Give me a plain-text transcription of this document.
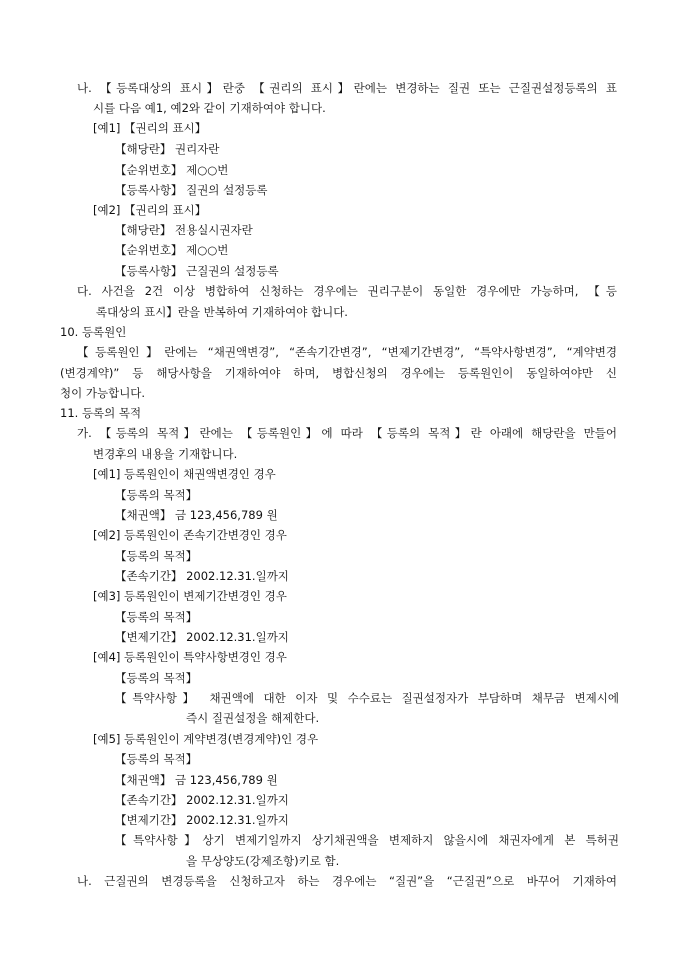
나. 【등록대상의 표시】란중 【권리의 표시】란에는 변경하는 질권 또는 근질권설정등록의 표
시를 다음 예1, 예2와 같이 기재하여야 합니다.
[예1] 【권리의 표시】
【해당란】 권리자란
【순위번호】 제○○번
【등록사항】 질권의 설정등록
[예2] 【권리의 표시】
【해당란】 전용실시권자란
【순위번호】 제○○번
【등록사항】 근질권의 설정등록
다. 사건을 2건 이상 병합하여 신청하는 경우에는 권리구분이 동일한 경우에만 가능하며, 【등
록대상의 표시】란을 반복하여 기재하여야 합니다.
10. 등록원인
【등록원인】란에는 “채권액변경”, “존속기간변경”, “변제기간변경”, “특약사항변경”, “계약변경
(변경계약)” 등 해당사항을 기재하여야 하며, 병합신청의 경우에는 등록원인이 동일하여야만 신
청이 가능합니다.
11. 등록의 목적
가. 【등록의 목적】란에는 【등록원인】에 따라 【등록의 목적】란 아래에 해당란을 만들어
변경후의 내용을 기재합니다.
[예1] 등록원인이 채권액변경인 경우
【등록의 목적】
【채권액】 금 123,456,789 원
[예2] 등록원인이 존속기간변경인 경우
【등록의 목적】
【존속기간】 2002.12.31.일까지
[예3] 등록원인이 변제기간변경인 경우
【등록의 목적】
【변제기간】 2002.12.31.일까지
[예4] 등록원인이 특약사항변경인 경우
【등록의 목적】
【특약사항】 채권액에 대한 이자 및 수수료는 질권설정자가 부담하며 채무금 변제시에
즉시 질권설정을 해제한다.
[예5] 등록원인이 계약변경(변경계약)인 경우
【등록의 목적】
【채권액】 금 123,456,789 원
【존속기간】 2002.12.31.일까지
【변제기간】 2002.12.31.일까지
【특약사항】상기 변제기일까지 상기채권액을 변제하지 않을시에 채권자에게 본 특허권
을 무상양도(강제조항)키로 함.
나. 근질권의 변경등록을 신청하고자 하는 경우에는 “질권”을 “근질권”으로 바꾸어 기재하여
